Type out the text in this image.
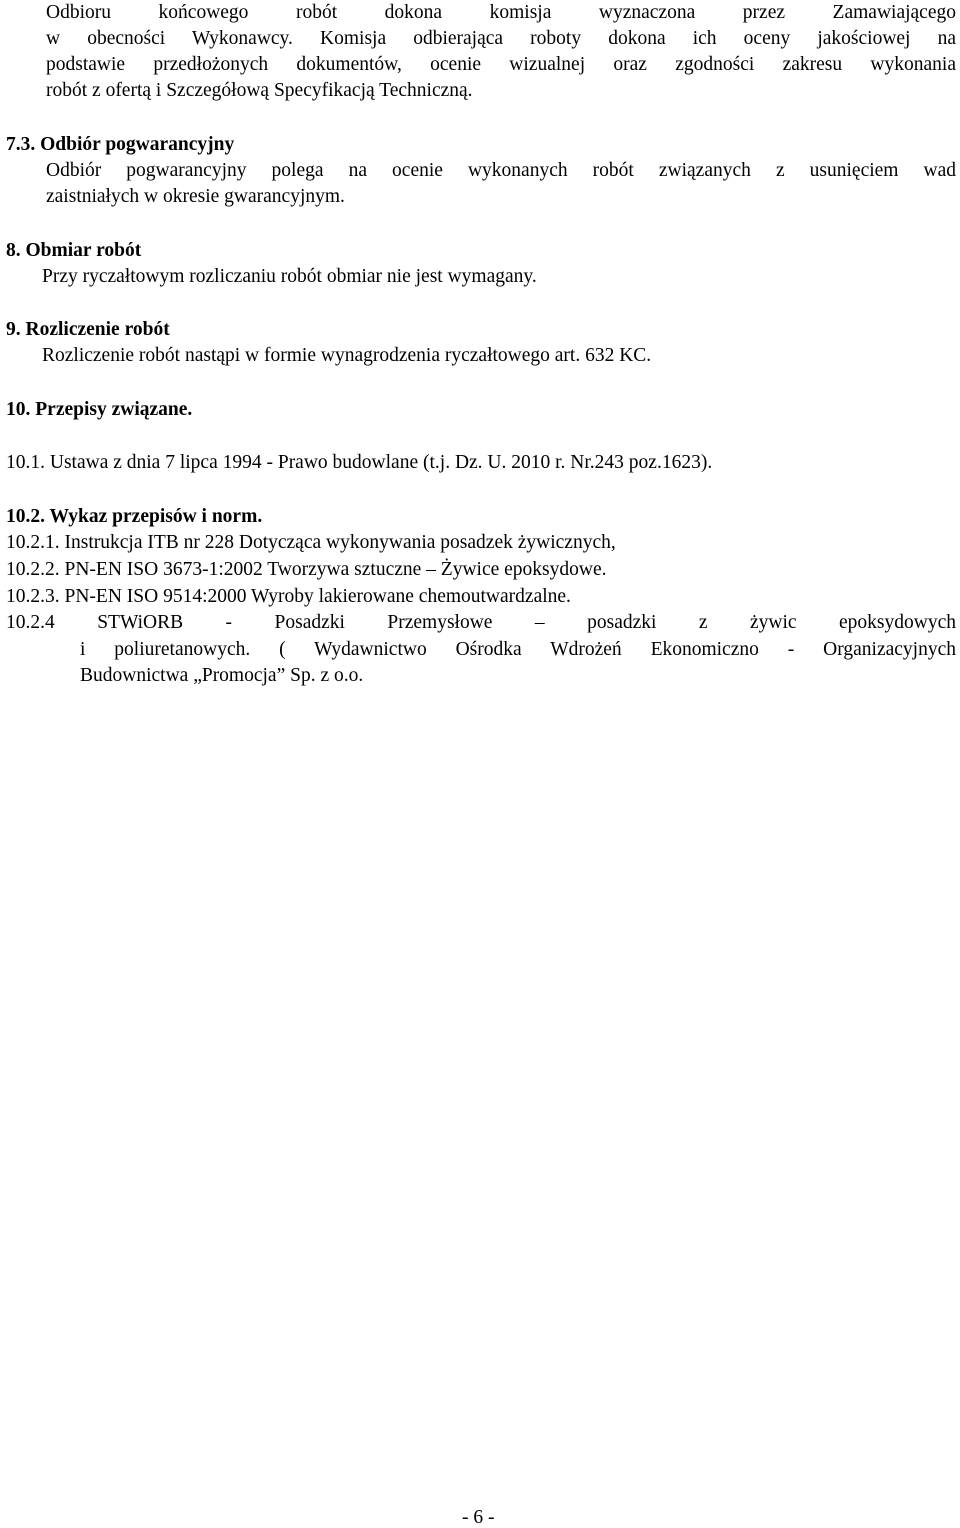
Odbioru końcowego robót dokona komisja wyznaczona przez Zamawiającego
w obecności Wykonawcy. Komisja odbierająca roboty dokona ich oceny jakościowej na
podstawie przedłożonych dokumentów, ocenie wizualnej oraz zgodności zakresu wykonania
robót z ofertą i Szczegółową Specyfikacją Techniczną.
7.3. Odbiór pogwarancyjny
Odbiór pogwarancyjny polega na ocenie wykonanych robót związanych z usunięciem wad
zaistniałych w okresie gwarancyjnym.
8. Obmiar robót
Przy ryczałtowym rozliczaniu robót obmiar nie jest wymagany.
9. Rozliczenie robót
Rozliczenie robót nastąpi w formie wynagrodzenia ryczałtowego art. 632 KC.
10. Przepisy związane.
10.1. Ustawa z dnia 7 lipca 1994 - Prawo budowlane (t.j. Dz. U. 2010 r. Nr.243 poz.1623).
10.2. Wykaz przepisów i norm.
10.2.1. Instrukcja ITB nr 228 Dotycząca wykonywania posadzek żywicznych,
10.2.2. PN-EN ISO 3673-1:2002 Tworzywa sztuczne – Żywice epoksydowe.
10.2.3. PN-EN ISO 9514:2000 Wyroby lakierowane chemoutwardzalne.
10.2.4 STWiORB - Posadzki Przemysłowe – posadzki z żywic epoksydowych
i poliuretanowych. ( Wydawnictwo Ośrodka Wdrożeń Ekonomiczno - Organizacyjnych
Budownictwa „Promocja” Sp. z o.o.
- 6 -
